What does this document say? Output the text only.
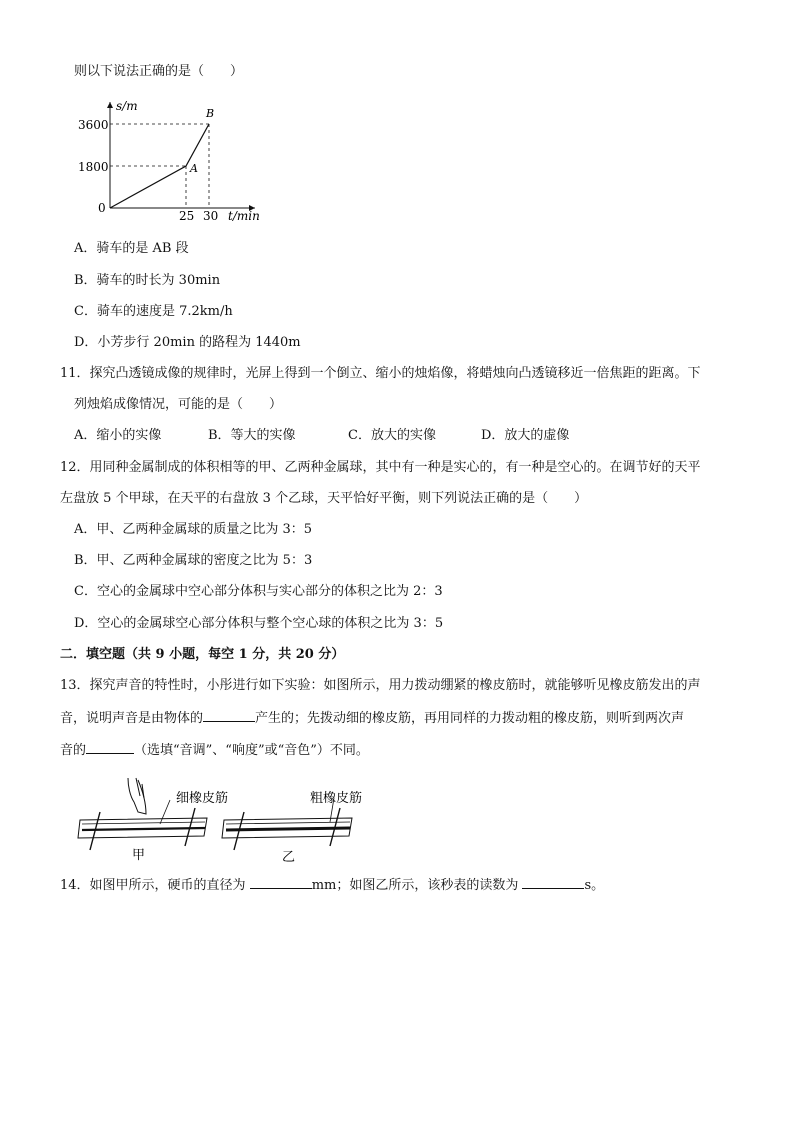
则以下说法正确的是（　　）
s/m
3600
1800
0
25 30 t/min
A
B
A．骑车的是 AB 段
B．骑车的时长为 30min
C．骑车的速度是 7.2km/h
D．小芳步行 20min 的路程为 1440m
11．探究凸透镜成像的规律时，光屏上得到一个倒立、缩小的烛焰像，将蜡烛向凸透镜移近一倍焦距的距离。下
列烛焰成像情况，可能的是（　　）
A．缩小的实像	B．等大的实像	C．放大的实像	D．放大的虚像
12．用同种金属制成的体积相等的甲、乙两种金属球，其中有一种是实心的，有一种是空心的。在调节好的天平
左盘放 5 个甲球，在天平的右盘放 3 个乙球，天平恰好平衡，则下列说法正确的是（　　）
A．甲、乙两种金属球的质量之比为 3：5
B．甲、乙两种金属球的密度之比为 5：3
C．空心的金属球中空心部分体积与实心部分的体积之比为 2：3
D．空心的金属球空心部分体积与整个空心球的体积之比为 3：5
二．填空题（共 9 小题，每空 1 分，共 20 分）
13．探究声音的特性时，小彤进行如下实验：如图所示，用力拨动绷紧的橡皮筋时，就能够听见橡皮筋发出的声
音，说明声音是由物体的	产生的；先拨动细的橡皮筋，再用同样的力拨动粗的橡皮筋，则听到两次声
音的	（选填“音调”、“响度”或“音色”）不同。
细橡皮筋	粗橡皮筋
甲	乙
14．如图甲所示，硬币的直径为	mm；如图乙所示，该秒表的读数为	s。
